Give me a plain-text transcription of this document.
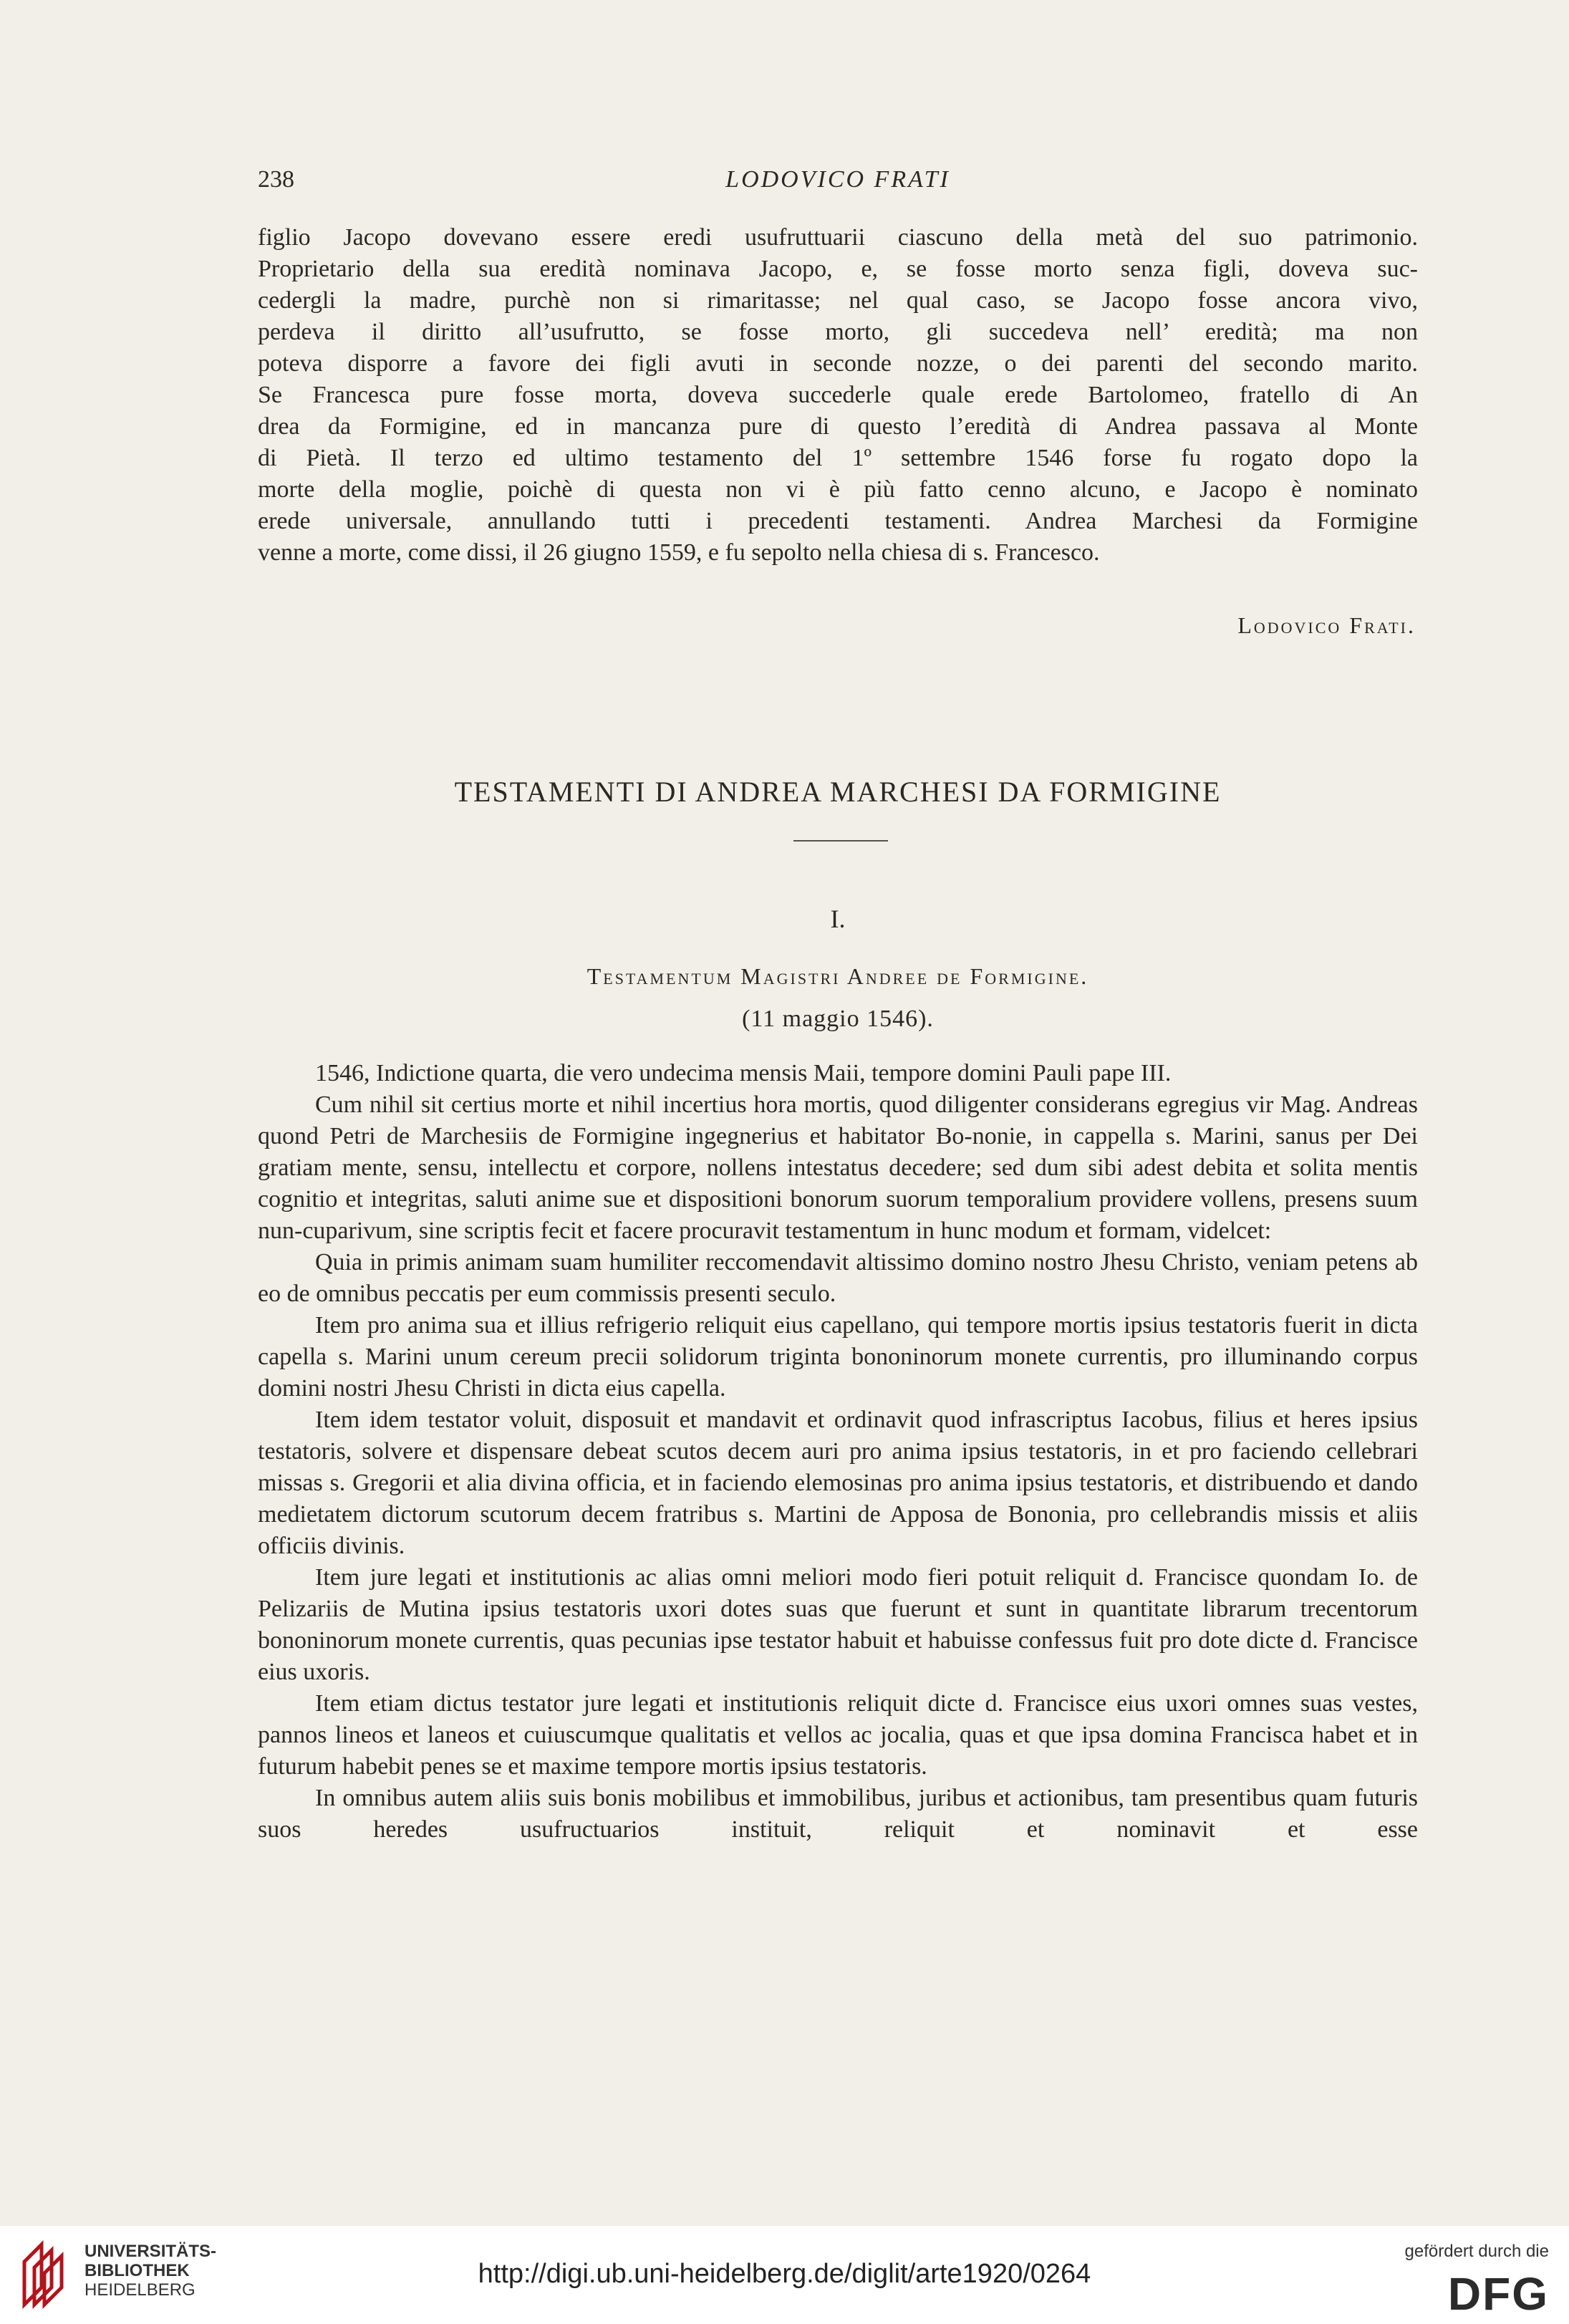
238	LODOVICO FRATI

figlio Jacopo dovevano essere eredi usufruttuarii ciascuno della metà del suo patrimonio.

Proprietario della sua eredità nominava Jacopo, e, se fosse morto senza figli, doveva suc-

cedergli la madre, purchè non si rimaritasse; nel qual caso, se Jacopo fosse ancora vivo,

perdeva il diritto all’usufrutto, se fosse morto, gli succedeva nell’ eredità; ma non

poteva disporre a favore dei figli avuti in seconde nozze, o dei parenti del secondo marito.

Se Francesca pure fosse morta, doveva succederle quale erede Bartolomeo, fratello di An

drea da Formigine, ed in mancanza pure di questo l’eredità di Andrea passava al Monte

di Pietà. Il terzo ed ultimo testamento del 1º settembre 1546 forse fu rogato dopo la

morte della moglie, poichè di questa non vi è più fatto cenno alcuno, e Jacopo è nominato

erede universale, annullando tutti i precedenti testamenti. Andrea Marchesi da Formigine

venne a morte, come dissi, il 26 giugno 1559, e fu sepolto nella chiesa di s. Francesco.

Lodovico Frati.
TESTAMENTI DI ANDREA MARCHESI DA FORMIGINE
I.
Testamentum Magistri Andree de Formigine.
(11 maggio 1546).

1546, Indictione quarta, die vero undecima mensis Maii, tempore domini Pauli pape III.

Cum nihil sit certius morte et nihil incertius hora mortis, quod diligenter considerans egregius vir Mag. Andreas quond Petri de Marchesiis de Formigine ingegnerius et habitator Bo-nonie, in cappella s. Marini, sanus per Dei gratiam mente, sensu, intellectu et corpore, nollens intestatus decedere; sed dum sibi adest debita et solita mentis cognitio et integritas, saluti anime sue et dispositioni bonorum suorum temporalium providere vollens, presens suum nun-cuparivum, sine scriptis fecit et facere procuravit testamentum in hunc modum et formam, videlcet:

Quia in primis animam suam humiliter reccomendavit altissimo domino nostro Jhesu Christo, veniam petens ab eo de omnibus peccatis per eum commissis presenti seculo.

Item pro anima sua et illius refrigerio reliquit eius capellano, qui tempore mortis ipsius testatoris fuerit in dicta capella s. Marini unum cereum precii solidorum triginta bononinorum monete currentis, pro illuminando corpus domini nostri Jhesu Christi in dicta eius capella.

Item idem testator voluit, disposuit et mandavit et ordinavit quod infrascriptus Iacobus, filius et heres ipsius testatoris, solvere et dispensare debeat scutos decem auri pro anima ipsius testatoris, in et pro faciendo cellebrari missas s. Gregorii et alia divina officia, et in faciendo elemosinas pro anima ipsius testatoris, et distribuendo et dando medietatem dictorum scutorum decem fratribus s. Martini de Apposa de Bononia, pro cellebrandis missis et aliis officiis divinis.

Item jure legati et institutionis ac alias omni meliori modo fieri potuit reliquit d. Francisce quondam Io. de Pelizariis de Mutina ipsius testatoris uxori dotes suas que fuerunt et sunt in quantitate librarum trecentorum bononinorum monete currentis, quas pecunias ipse testator habuit et habuisse confessus fuit pro dote dicte d. Francisce eius uxoris.

Item etiam dictus testator jure legati et institutionis reliquit dicte d. Francisce eius uxori omnes suas vestes, pannos lineos et laneos et cuiuscumque qualitatis et vellos ac jocalia, quas et que ipsa domina Francisca habet et in futurum habebit penes se et maxime tempore mortis ipsius testatoris.

In omnibus autem aliis suis bonis mobilibus et immobilibus, juribus et actionibus, tam presentibus quam futuris suos heredes usufructuarios instituit, reliquit et nominavit et esse

UNIVERSITÄTS-
BIBLIOTHEK
HEIDELBERG
http://digi.ub.uni-heidelberg.de/diglit/arte1920/0264
gefördert durch die
DFG
